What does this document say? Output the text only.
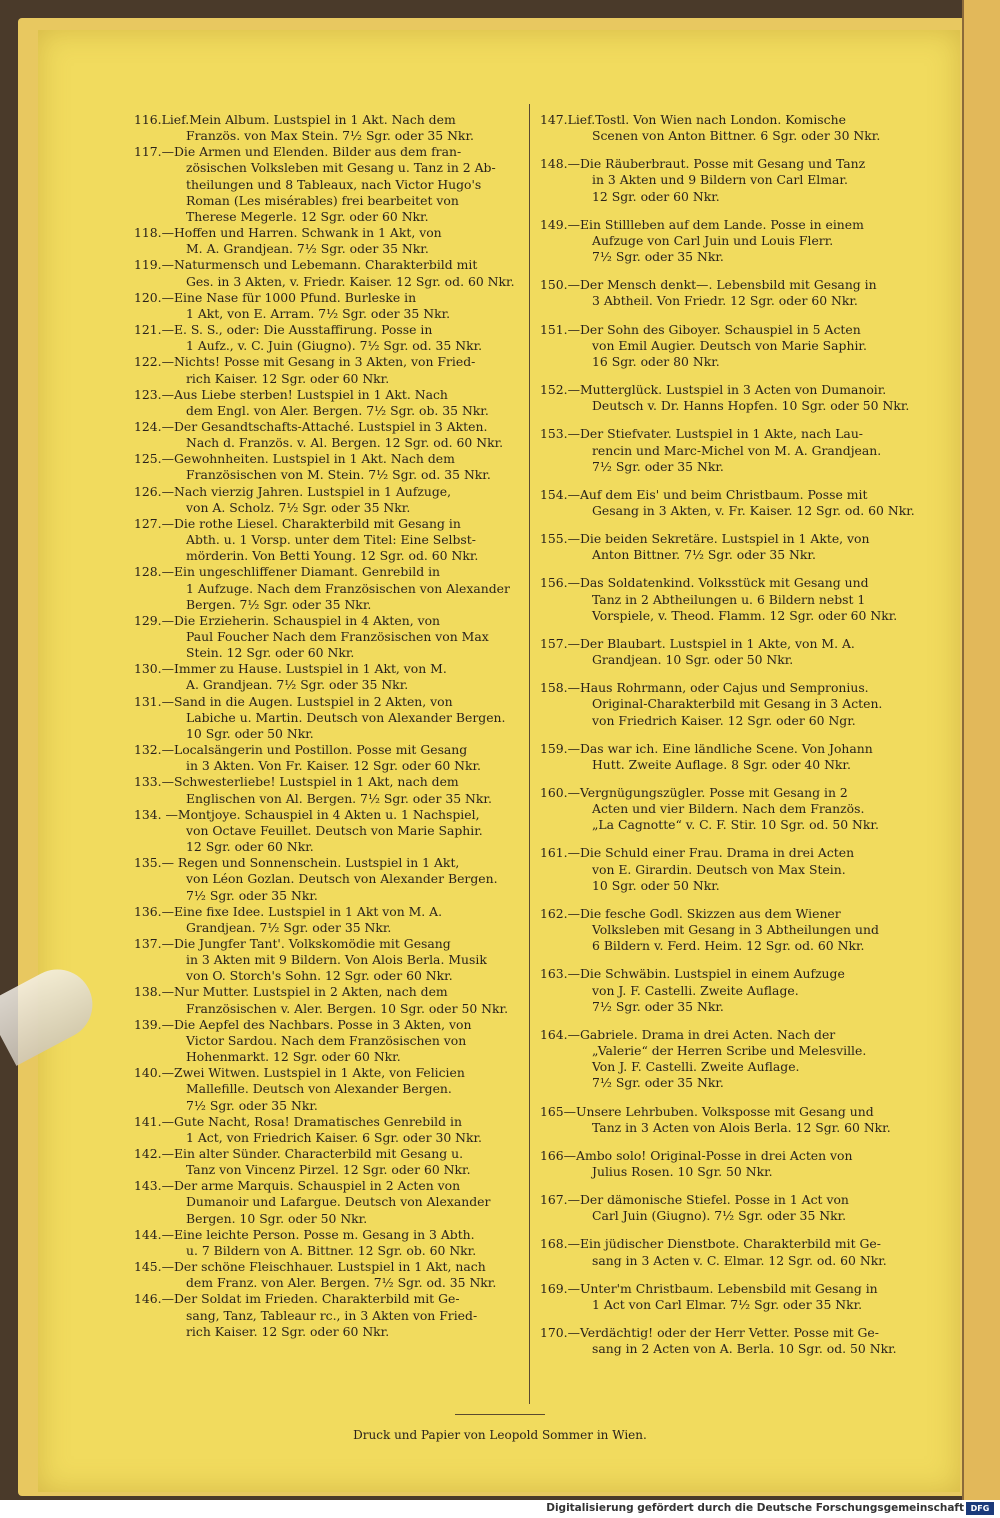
116.Lief.Mein Album. Lustspiel in 1 Akt. Nach dem
Französ. von Max Stein. 7½ Sgr. oder 35 Nkr.
117.—Die Armen und Elenden. Bilder aus dem fran-
zösischen Volksleben mit Gesang u. Tanz in 2 Ab-
theilungen und 8 Tableaux, nach Victor Hugo's
Roman (Les misérables) frei bearbeitet von
Therese Megerle. 12 Sgr. oder 60 Nkr.
118.—Hoffen und Harren. Schwank in 1 Akt, von
M. A. Grandjean. 7½ Sgr. oder 35 Nkr.
119.—Naturmensch und Lebemann. Charakterbild mit
Ges. in 3 Akten, v. Friedr. Kaiser. 12 Sgr. od. 60 Nkr.
120.—Eine Nase für 1000 Pfund. Burleske in
1 Akt, von E. Arram. 7½ Sgr. oder 35 Nkr.
121.—E. S. S., oder: Die Ausstaffirung. Posse in
1 Aufz., v. C. Juin (Giugno). 7½ Sgr. od. 35 Nkr.
122.—Nichts! Posse mit Gesang in 3 Akten, von Fried-
rich Kaiser. 12 Sgr. oder 60 Nkr.
123.—Aus Liebe sterben! Lustspiel in 1 Akt. Nach
dem Engl. von Aler. Bergen. 7½ Sgr. ob. 35 Nkr.
124.—Der Gesandtschafts-Attaché. Lustspiel in 3 Akten.
Nach d. Französ. v. Al. Bergen. 12 Sgr. od. 60 Nkr.
125.—Gewohnheiten. Lustspiel in 1 Akt. Nach dem
Französischen von M. Stein. 7½ Sgr. od. 35 Nkr.
126.—Nach vierzig Jahren. Lustspiel in 1 Aufzuge,
von A. Scholz. 7½ Sgr. oder 35 Nkr.
127.—Die rothe Liesel. Charakterbild mit Gesang in
Abth. u. 1 Vorsp. unter dem Titel: Eine Selbst-
mörderin. Von Betti Young. 12 Sgr. od. 60 Nkr.
128.—Ein ungeschliffener Diamant. Genrebild in
1 Aufzuge. Nach dem Französischen von Alexander
Bergen. 7½ Sgr. oder 35 Nkr.
129.—Die Erzieherin. Schauspiel in 4 Akten, von
Paul Foucher Nach dem Französischen von Max
Stein. 12 Sgr. oder 60 Nkr.
130.—Immer zu Hause. Lustspiel in 1 Akt, von M.
A. Grandjean. 7½ Sgr. oder 35 Nkr.
131.—Sand in die Augen. Lustspiel in 2 Akten, von
Labiche u. Martin. Deutsch von Alexander Bergen.
10 Sgr. oder 50 Nkr.
132.—Localsängerin und Postillon. Posse mit Gesang
in 3 Akten. Von Fr. Kaiser. 12 Sgr. oder 60 Nkr.
133.—Schwesterliebe! Lustspiel in 1 Akt, nach dem
Englischen von Al. Bergen. 7½ Sgr. oder 35 Nkr.
134. —Montjoye. Schauspiel in 4 Akten u. 1 Nachspiel,
von Octave Feuillet. Deutsch von Marie Saphir.
12 Sgr. oder 60 Nkr.
135.— Regen und Sonnenschein. Lustspiel in 1 Akt,
von Léon Gozlan. Deutsch von Alexander Bergen.
7½ Sgr. oder 35 Nkr.
136.—Eine fixe Idee. Lustspiel in 1 Akt von M. A.
Grandjean. 7½ Sgr. oder 35 Nkr.
137.—Die Jungfer Tant'. Volkskomödie mit Gesang
in 3 Akten mit 9 Bildern. Von Alois Berla. Musik
von O. Storch's Sohn. 12 Sgr. oder 60 Nkr.
138.—Nur Mutter. Lustspiel in 2 Akten, nach dem
Französischen v. Aler. Bergen. 10 Sgr. oder 50 Nkr.
139.—Die Aepfel des Nachbars. Posse in 3 Akten, von
Victor Sardou. Nach dem Französischen von
Hohenmarkt. 12 Sgr. oder 60 Nkr.
140.—Zwei Witwen. Lustspiel in 1 Akte, von Felicien
Mallefille. Deutsch von Alexander Bergen.
7½ Sgr. oder 35 Nkr.
141.—Gute Nacht, Rosa! Dramatisches Genrebild in
1 Act, von Friedrich Kaiser. 6 Sgr. oder 30 Nkr.
142.—Ein alter Sünder. Characterbild mit Gesang u.
Tanz von Vincenz Pirzel. 12 Sgr. oder 60 Nkr.
143.—Der arme Marquis. Schauspiel in 2 Acten von
Dumanoir und Lafargue. Deutsch von Alexander
Bergen. 10 Sgr. oder 50 Nkr.
144.—Eine leichte Person. Posse m. Gesang in 3 Abth.
u. 7 Bildern von A. Bittner. 12 Sgr. ob. 60 Nkr.
145.—Der schöne Fleischhauer. Lustspiel in 1 Akt, nach
dem Franz. von Aler. Bergen. 7½ Sgr. od. 35 Nkr.
146.—Der Soldat im Frieden. Charakterbild mit Ge-
sang, Tanz, Tableaur rc., in 3 Akten von Fried-
rich Kaiser. 12 Sgr. oder 60 Nkr.
147.Lief.Tostl. Von Wien nach London. Komische
Scenen von Anton Bittner. 6 Sgr. oder 30 Nkr.
148.—Die Räuberbraut. Posse mit Gesang und Tanz
in 3 Akten und 9 Bildern von Carl Elmar.
12 Sgr. oder 60 Nkr.
149.—Ein Stillleben auf dem Lande. Posse in einem
Aufzuge von Carl Juin und Louis Flerr.
7½ Sgr. oder 35 Nkr.
150.—Der Mensch denkt—. Lebensbild mit Gesang in
3 Abtheil. Von Friedr. 12 Sgr. oder 60 Nkr.
151.—Der Sohn des Giboyer. Schauspiel in 5 Acten
von Emil Augier. Deutsch von Marie Saphir.
16 Sgr. oder 80 Nkr.
152.—Mutterglück. Lustspiel in 3 Acten von Dumanoir.
Deutsch v. Dr. Hanns Hopfen. 10 Sgr. oder 50 Nkr.
153.—Der Stiefvater. Lustspiel in 1 Akte, nach Lau-
rencin und Marc-Michel von M. A. Grandjean.
7½ Sgr. oder 35 Nkr.
154.—Auf dem Eis' und beim Christbaum. Posse mit
Gesang in 3 Akten, v. Fr. Kaiser. 12 Sgr. od. 60 Nkr.
155.—Die beiden Sekretäre. Lustspiel in 1 Akte, von
Anton Bittner. 7½ Sgr. oder 35 Nkr.
156.—Das Soldatenkind. Volksstück mit Gesang und
Tanz in 2 Abtheilungen u. 6 Bildern nebst 1
Vorspiele, v. Theod. Flamm. 12 Sgr. oder 60 Nkr.
157.—Der Blaubart. Lustspiel in 1 Akte, von M. A.
Grandjean. 10 Sgr. oder 50 Nkr.
158.—Haus Rohrmann, oder Cajus und Sempronius.
Original-Charakterbild mit Gesang in 3 Acten.
von Friedrich Kaiser. 12 Sgr. oder 60 Ngr.
159.—Das war ich. Eine ländliche Scene. Von Johann
Hutt. Zweite Auflage. 8 Sgr. oder 40 Nkr.
160.—Vergnügungszügler. Posse mit Gesang in 2
Acten und vier Bildern. Nach dem Französ.
„La Cagnotte“ v. C. F. Stir. 10 Sgr. od. 50 Nkr.
161.—Die Schuld einer Frau. Drama in drei Acten
von E. Girardin. Deutsch von Max Stein.
10 Sgr. oder 50 Nkr.
162.—Die fesche Godl. Skizzen aus dem Wiener
Volksleben mit Gesang in 3 Abtheilungen und
6 Bildern v. Ferd. Heim. 12 Sgr. od. 60 Nkr.
163.—Die Schwäbin. Lustspiel in einem Aufzuge
von J. F. Castelli. Zweite Auflage.
7½ Sgr. oder 35 Nkr.
164.—Gabriele. Drama in drei Acten. Nach der
„Valerie“ der Herren Scribe und Melesville.
Von J. F. Castelli. Zweite Auflage.
7½ Sgr. oder 35 Nkr.
165—Unsere Lehrbuben. Volksposse mit Gesang und
Tanz in 3 Acten von Alois Berla. 12 Sgr. 60 Nkr.
166—Ambo solo! Original-Posse in drei Acten von
Julius Rosen. 10 Sgr. 50 Nkr.
167.—Der dämonische Stiefel. Posse in 1 Act von
Carl Juin (Giugno). 7½ Sgr. oder 35 Nkr.
168.—Ein jüdischer Dienstbote. Charakterbild mit Ge-
sang in 3 Acten v. C. Elmar. 12 Sgr. od. 60 Nkr.
169.—Unter'm Christbaum. Lebensbild mit Gesang in
1 Act von Carl Elmar. 7½ Sgr. oder 35 Nkr.
170.—Verdächtig! oder der Herr Vetter. Posse mit Ge-
sang in 2 Acten von A. Berla. 10 Sgr. od. 50 Nkr.
Druck und Papier von Leopold Sommer in Wien.
Digitalisierung gefördert durch die Deutsche Forschungsgemeinschaft DFG
